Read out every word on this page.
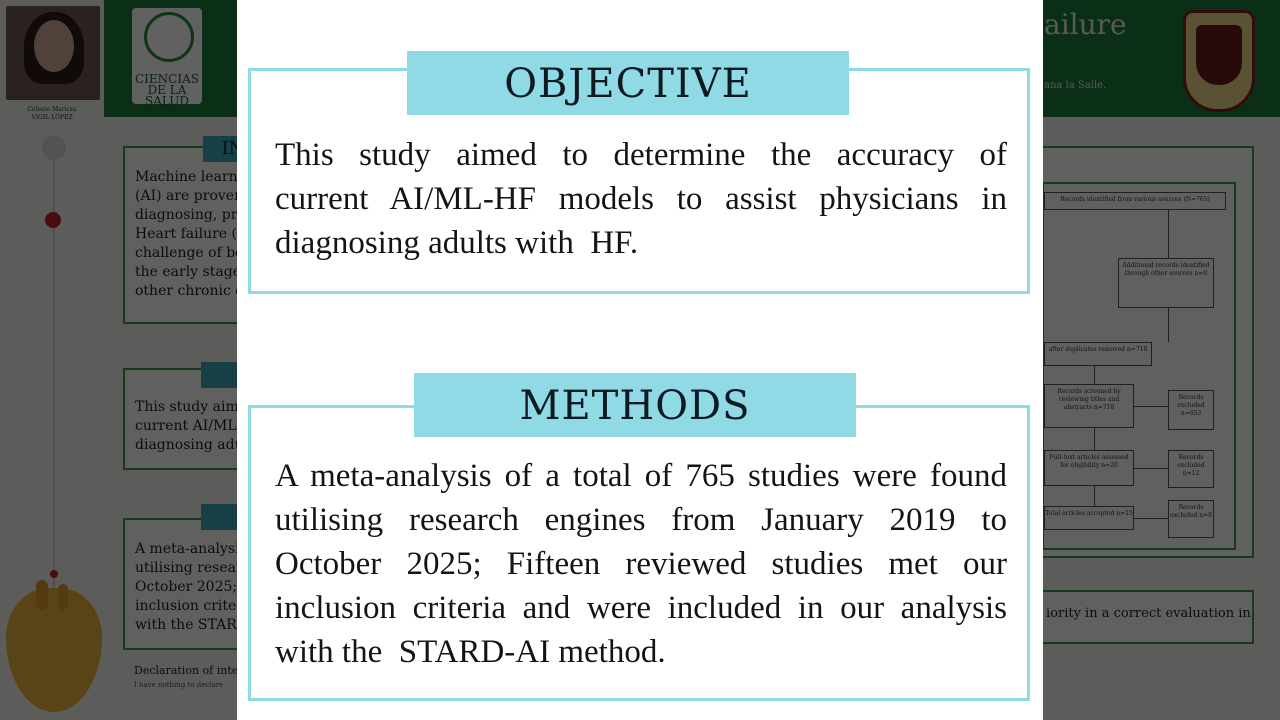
This study aimed to determine the accuracy of
current AI/ML-HF models to assist physicians in
diagnosing adults with  HF.
OBJECTIVE
A meta-analysis of a total of 765 studies were found
utilising research engines from January 2019 to
October 2025; Fifteen reviewed studies met our
inclusion criteria and were included in our analysis
with the  STARD-AI method.
METHODS
